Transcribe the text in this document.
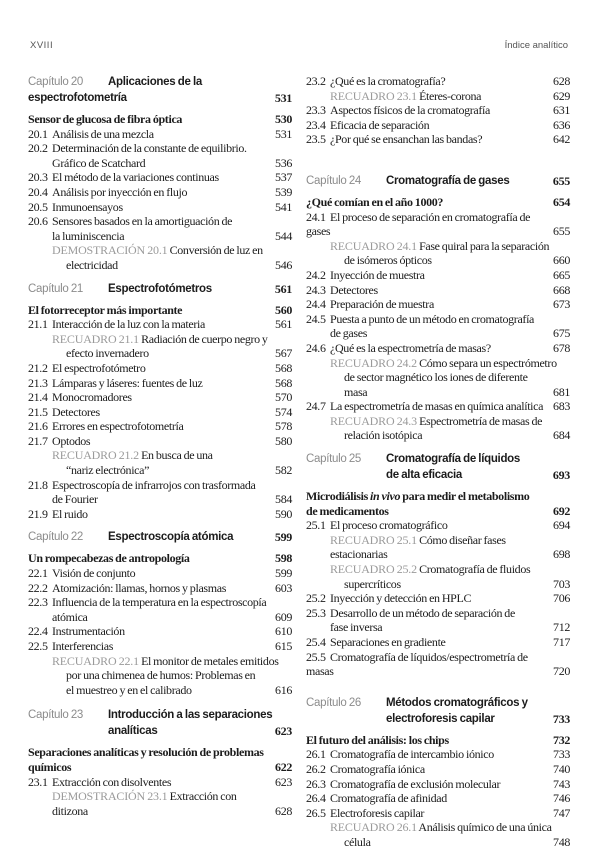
XVIII	Índice analítico
Capítulo 20 Aplicaciones de la espectrofotometría	531
Sensor de glucosa de fibra óptica	530
20.1 Análisis de una mezcla	531
20.2 Determinación de la constante de equilibrio.
Gráfico de Scatchard	536
20.3 El método de la variaciones continuas	537
20.4 Análisis por inyección en flujo	539
20.5 Inmunoensayos	541
20.6 Sensores basados en la amortiguación de
la luminiscencia	544
DEMOSTRACIÓN 20.1 Conversión de luz en
electricidad	546
Capítulo 21 Espectrofotómetros	561
El fotorreceptor más importante	560
21.1 Interacción de la luz con la materia	561
RECUADRO 21.1 Radiación de cuerpo negro y
efecto invernadero	567
21.2 El espectrofotómetro	568
21.3 Lámparas y láseres: fuentes de luz	568
21.4 Monocromadores	570
21.5 Detectores	574
21.6 Errores en espectrofotometría	578
21.7 Optodos	580
RECUADRO 21.2 En busca de una
“nariz electrónica”	582
21.8 Espectroscopía de infrarrojos con trasformada
de Fourier	584
21.9 El ruido	590
Capítulo 22 Espectroscopía atómica	599
Un rompecabezas de antropología	598
22.1 Visión de conjunto	599
22.2 Atomización: llamas, hornos y plasmas	603
22.3 Influencia de la temperatura en la espectroscopía
atómica	609
22.4 Instrumentación	610
22.5 Interferencias	615
RECUADRO 22.1 El monitor de metales emitidos
por una chimenea de humos: Problemas en
el muestreo y en el calibrado	616
Capítulo 23 Introducción a las separaciones
analíticas	623
Separaciones analíticas y resolución de problemas
químicos	622
23.1 Extracción con disolventes	623
DEMOSTRACIÓN 23.1 Extracción con ditizona	628
23.2 ¿Qué es la cromatografía?	628
RECUADRO 23.1 Éteres-corona	629
23.3 Aspectos físicos de la cromatografía	631
23.4 Eficacia de separación	636
23.5 ¿Por qué se ensanchan las bandas?	642
Capítulo 24 Cromatografía de gases	655
¿Qué comían en el año 1000?	654
24.1 El proceso de separación en cromatografía de gases	655
RECUADRO 24.1 Fase quiral para la separación
de isómeros ópticos	660
24.2 Inyección de muestra	665
24.3 Detectores	668
24.4 Preparación de muestra	673
24.5 Puesta a punto de un método en cromatografía
de gases	675
24.6 ¿Qué es la espectrometría de masas?	678
RECUADRO 24.2 Cómo separa un espectrómetro
de sector magnético los iones de diferente masa	681
24.7 La espectrometría de masas en química analítica 683
RECUADRO 24.3 Espectrometría de masas de
relación isotópica	684
Capítulo 25 Cromatografía de líquidos
de alta eficacia	693
Microdiálisis in vivo para medir el metabolismo
de medicamentos	692
25.1 El proceso cromatográfico	694
RECUADRO 25.1 Cómo diseñar fases estacionarias	698
RECUADRO 25.2 Cromatografía de fluidos
supercríticos	703
25.2 Inyección y detección en HPLC	706
25.3 Desarrollo de un método de separación de
fase inversa	712
25.4 Separaciones en gradiente	717
25.5 Cromatografía de líquidos/espectrometría de masas	720
Capítulo 26 Métodos cromatográficos y
electroforesis capilar	733
El futuro del análisis: los chips	732
26.1 Cromatografía de intercambio iónico	733
26.2 Cromatografía iónica	740
26.3 Cromatografía de exclusión molecular	743
26.4 Cromatografía de afinidad	746
26.5 Electroforesis capilar	747
RECUADRO 26.1 Análisis químico de una única
célula	748
